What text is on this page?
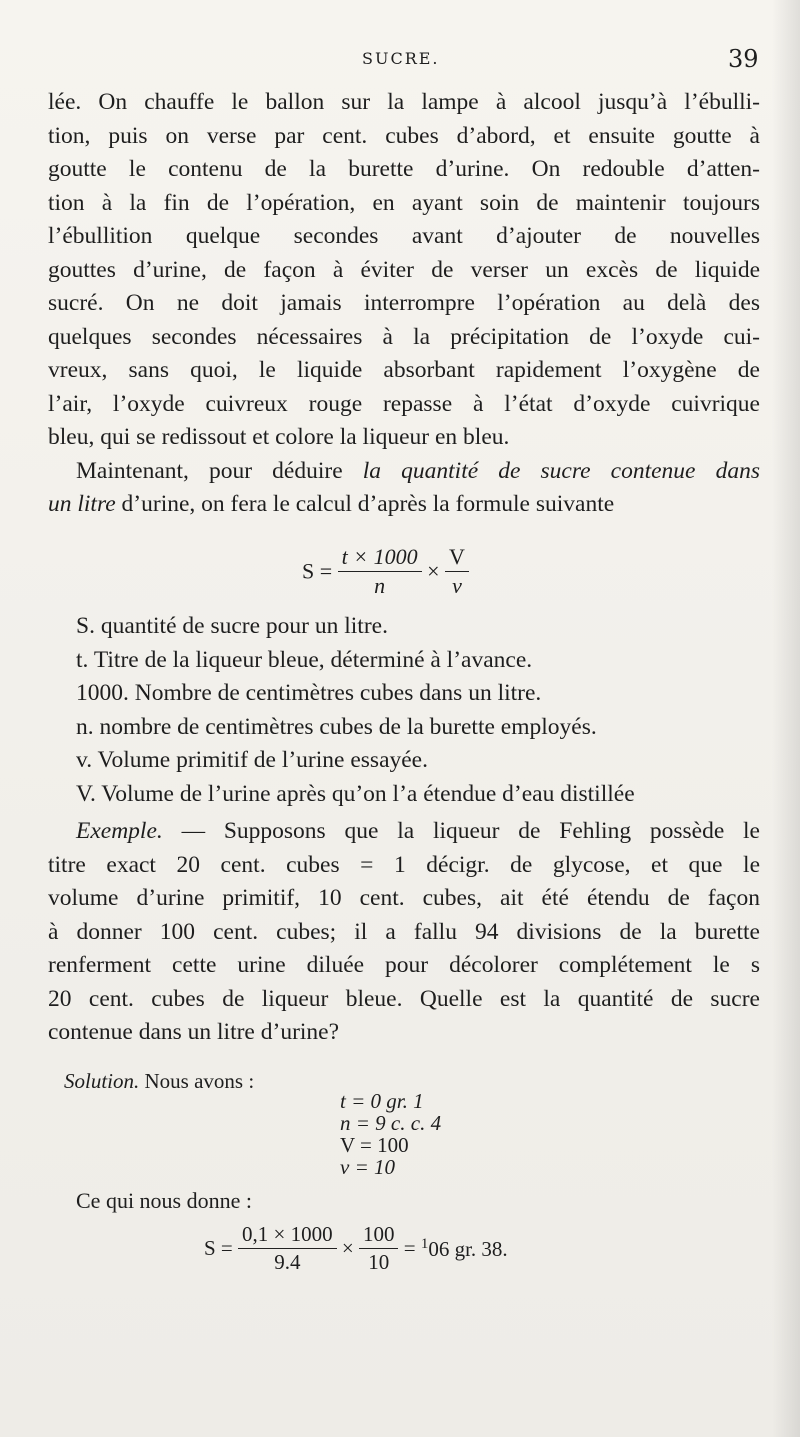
SUCRE.	39
lée. On chauffe le ballon sur la lampe à alcool jusqu’à l’ébulli-
tion, puis on verse par cent. cubes d’abord, et ensuite goutte à
goutte le contenu de la burette d’urine. On redouble d’atten-
tion à la fin de l’opération, en ayant soin de maintenir toujours
l’ébullition quelque secondes avant d’ajouter de nouvelles
gouttes d’urine, de façon à éviter de verser un excès de liquide
sucré. On ne doit jamais interrompre l’opération au delà des
quelques secondes nécessaires à la précipitation de l’oxyde cui-
vreux, sans quoi, le liquide absorbant rapidement l’oxygène de
l’air, l’oxyde cuivreux rouge repasse à l’état d’oxyde cuivrique
bleu, qui se redissout et colore la liqueur en bleu.
Maintenant, pour déduire la quantité de sucre contenue dans
un litre d’urine, on fera le calcul d’après la formule suivante
$S = \frac{t \times 1000}{n} \times \frac{V}{v}$
S. quantité de sucre pour un litre.
t. Titre de la liqueur bleue, déterminé à l’avance.
1000. Nombre de centimètres cubes dans un litre.
n. nombre de centimètres cubes de la burette employés.
v. Volume primitif de l’urine essayée.
V. Volume de l’urine après qu’on l’a étendue d’eau distillée
Exemple. — Supposons que la liqueur de Fehling possède le
titre exact 20 cent. cubes = 1 décigr. de glycose, et que le
volume d’urine primitif, 10 cent. cubes, ait été étendu de façon
à donner 100 cent. cubes; il a fallu 94 divisions de la burette
renferment cette urine diluée pour décolorer complétement le s
20 cent. cubes de liqueur bleue. Quelle est la quantité de sucre
contenue dans un litre d’urine?
Solution. Nous avons :
t = 0 gr. 1
n = 9 c. c. 4
V = 100
v = 10
Ce qui nous donne :
$S = \frac{0,1 \times 1000}{9.4} \times \frac{100}{10} = ^106$ gr. 38.
